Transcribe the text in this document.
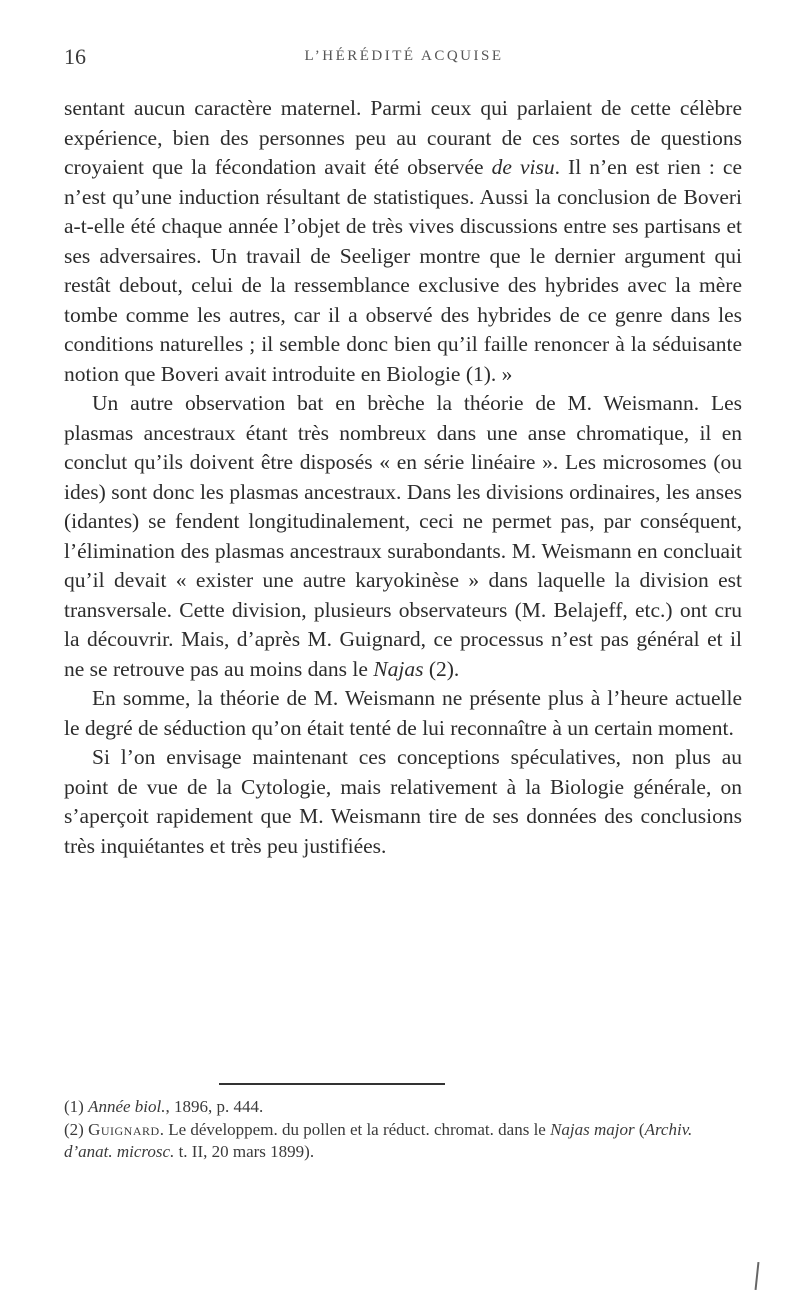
16	L’HÉRÉDITÉ ACQUISE

sentant aucun caractère maternel. Parmi ceux qui parlaient de cette célèbre expérience, bien des personnes peu au courant de ces sortes de questions croyaient que la fécondation avait été observée de visu. Il n’en est rien : ce n’est qu’une induction résultant de statistiques. Aussi la conclusion de Boveri a-t-elle été chaque année l’objet de très vives discussions entre ses partisans et ses adversaires. Un travail de Seeliger montre que le dernier argument qui restât debout, celui de la ressemblance exclusive des hybrides avec la mère tombe comme les autres, car il a observé des hybrides de ce genre dans les conditions naturelles ; il semble donc bien qu’il faille renoncer à la séduisante notion que Boveri avait introduite en Biologie (1). »

Un autre observation bat en brèche la théorie de M. Weismann. Les plasmas ancestraux étant très nombreux dans une anse chromatique, il en conclut qu’ils doivent être disposés « en série linéaire ». Les microsomes (ou ides) sont donc les plasmas ancestraux. Dans les divisions ordinaires, les anses (idantes) se fendent longitudinalement, ceci ne permet pas, par conséquent, l’élimination des plasmas ancestraux surabondants. M. Weismann en concluait qu’il devait « exister une autre karyokinèse » dans laquelle la division est transversale. Cette division, plusieurs observateurs (M. Belajeff, etc.) ont cru la découvrir. Mais, d’après M. Guignard, ce processus n’est pas général et il ne se retrouve pas au moins dans le Najas (2).

En somme, la théorie de M. Weismann ne présente plus à l’heure actuelle le degré de séduction qu’on était tenté de lui reconnaître à un certain moment.

Si l’on envisage maintenant ces conceptions spéculatives, non plus au point de vue de la Cytologie, mais relativement à la Biologie générale, on s’aperçoit rapidement que M. Weismann tire de ses données des conclusions très inquiétantes et très peu justifiées.

(1) Année biol., 1896, p. 444.

(2) Guignard. Le développem. du pollen et la réduct. chromat. dans le Najas major (Archiv. d’anat. microsc. t. II, 20 mars 1899).
